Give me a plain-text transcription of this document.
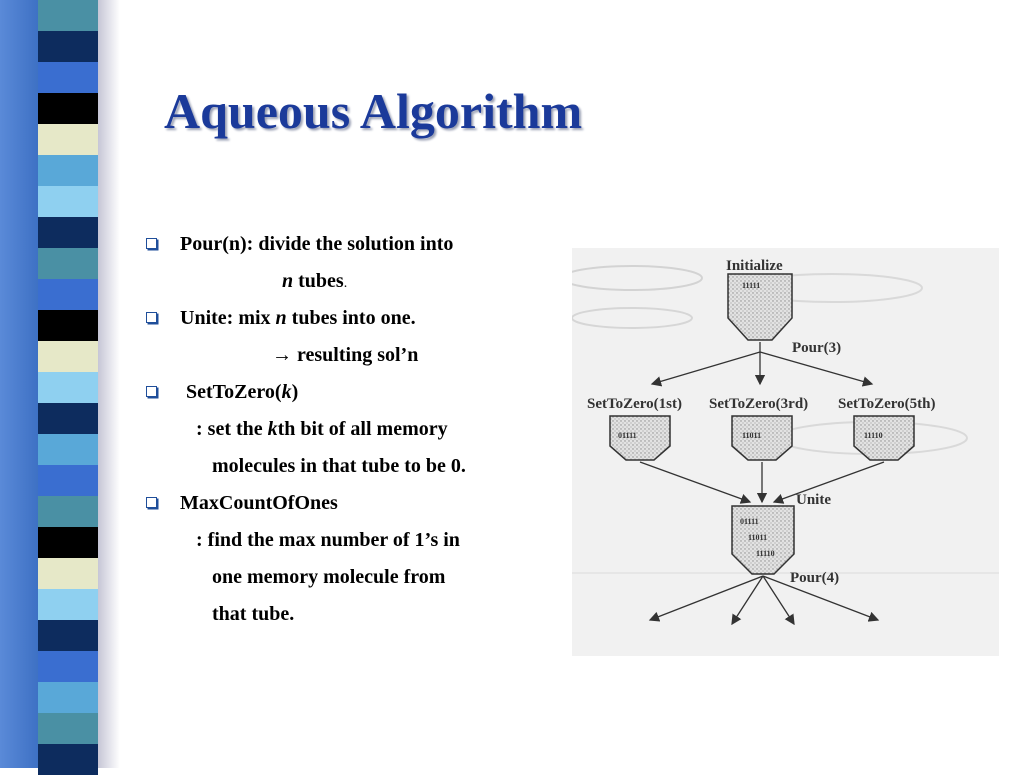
Aqueous Algorithm
Pour(n): divide the solution into
n tubes.
Unite: mix n tubes into one.
→ resulting sol’n
SetToZero(k)
: set the kth bit of all memory
molecules in that tube to be 0.
MaxCountOfOnes
: find the max number of 1’s in
one memory molecule from
that tube.
Initialize
11111
Pour(3)
SetToZero(1st)
01111
SetToZero(3rd)
11011
SetToZero(5th)
11110
Unite
01111
11011
11110
Pour(4)
